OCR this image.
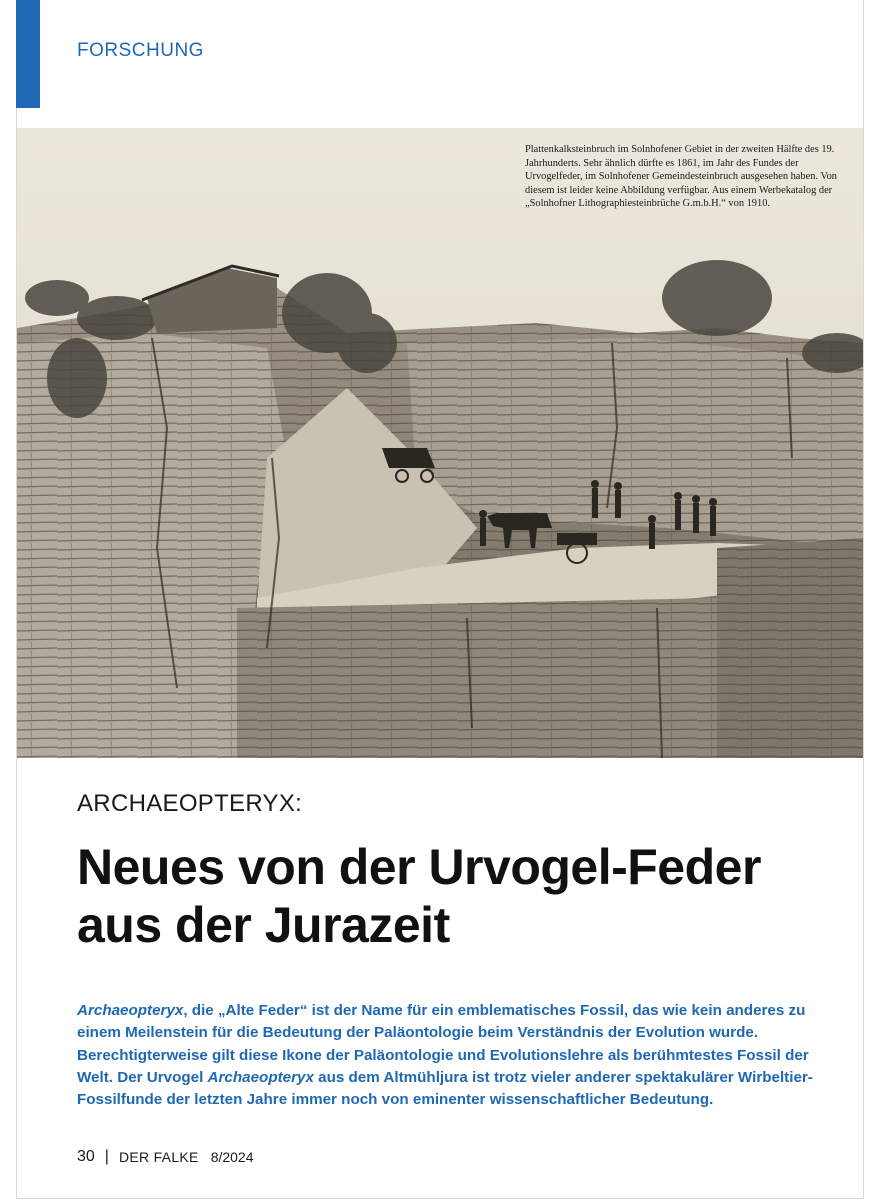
FORSCHUNG
Plattenkalksteinbruch im Solnhofener Gebiet in der zweiten Hälfte des 19. Jahrhunderts. Sehr ähnlich dürfte es 1861, im Jahr des Fundes der Urvogelfeder, im Solnhofener Gemeindesteinbruch ausgesehen haben. Von diesem ist leider keine Abbildung verfügbar. Aus einem Werbekatalog der „Solnhofner Lithographiesteinbrüche G.m.b.H.“ von 1910.
ARCHAEOPTERYX:
Neues von der Urvogel-Feder aus der Jurazeit
Archaeopteryx, die „Alte Feder“ ist der Name für ein emblematisches Fossil, das wie kein anderes zu einem Meilenstein für die Bedeutung der Paläontologie beim Verständnis der Evolution wurde. Berechtigterweise gilt diese Ikone der Paläontologie und Evolutionslehre als berühmtestes Fossil der Welt. Der Urvogel Archaeopteryx aus dem Altmühljura ist trotz vieler anderer spektakulärer Wirbeltier-Fossilfunde der letzten Jahre immer noch von eminenter wissenschaftlicher Bedeutung.
30 | DER FALKE 8/2024
